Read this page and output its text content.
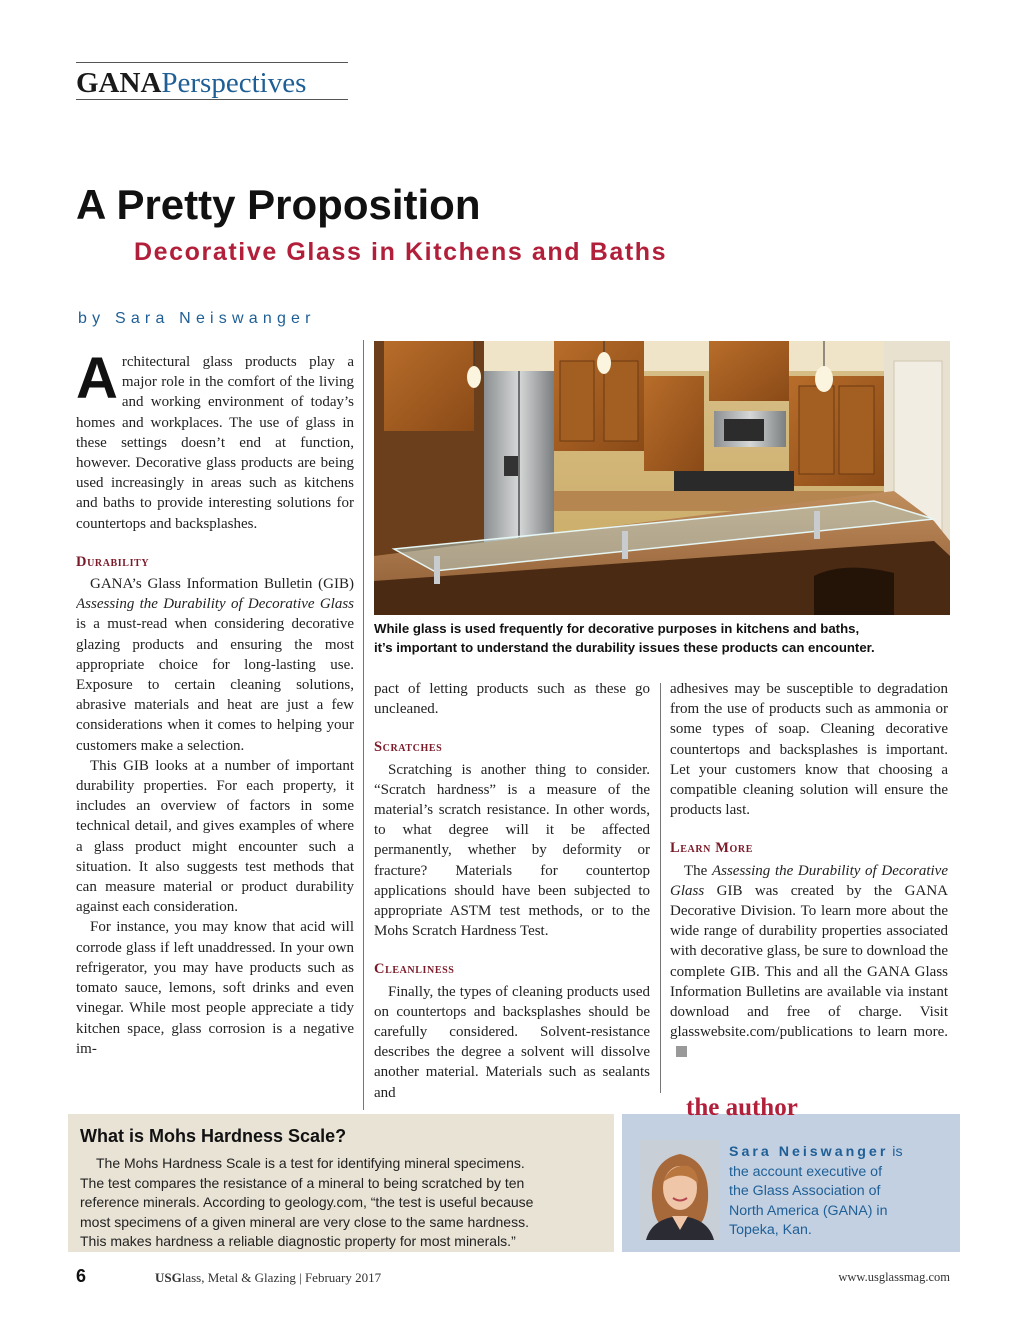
GANAPerspectives
A Pretty Proposition
Decorative Glass in Kitchens and Baths
by Sara Neiswanger

Architectural glass products play a major role in the comfort of the living and working environment of today’s homes and workplaces. The use of glass in these settings doesn’t end at function, however. Decorative glass products are being used increasingly in areas such as kitchens and baths to provide interesting solutions for countertops and backsplashes.

Durability

GANA’s Glass Information Bulletin (GIB) Assessing the Durability of Decorative Glass is a must-read when considering decorative glazing products and ensuring the most appropriate choice for long-lasting use. Exposure to certain cleaning solutions, abrasive materials and heat are just a few considerations when it comes to helping your customers make a selection.

This GIB looks at a number of important durability properties. For each property, it includes an overview of factors in some technical detail, and gives examples of where a glass product might encounter such a situation. It also suggests test methods that can measure material or product durability against each consideration.

For instance, you may know that acid will corrode glass if left unaddressed. In your own refrigerator, you may have products such as tomato sauce, lemons, soft drinks and even vinegar. While most people appreciate a tidy kitchen space, glass corrosion is a negative im-

While glass is used frequently for decorative purposes in kitchens and baths,
it’s important to understand the durability issues these products can encounter.

pact of letting products such as these go uncleaned.

Scratches

Scratching is another thing to consider. “Scratch hardness” is a measure of the material’s scratch resistance. In other words, to what degree will it be affected permanently, whether by deformity or fracture? Materials for countertop applications should have been subjected to appropriate ASTM test methods, or to the Mohs Scratch Hardness Test.

Cleanliness

Finally, the types of cleaning products used on countertops and backsplashes should be carefully considered. Solvent-resistance describes the degree a solvent will dissolve another material. Materials such as sealants and

adhesives may be susceptible to degradation from the use of products such as ammonia or some types of soap. Cleaning decorative countertops and backsplashes is important. Let your customers know that choosing a compatible cleaning solution will ensure the products last.

Learn More

The Assessing the Durability of Decorative Glass GIB was created by the GANA Decorative Division. To learn more about the wide range of durability properties associated with decorative glass, be sure to download the complete GIB. This and all the GANA Glass Information Bulletins are available via instant download and free of charge. Visit glasswebsite.com/publications to learn more.

What is Mohs Hardness Scale?
The Mohs Hardness Scale is a test for identifying mineral specimens.
The test compares the resistance of a mineral to being scratched by ten
reference minerals. According to geology.com, “the test is useful because
most specimens of a given mineral are very close to the same hardness.
This makes hardness a reliable diagnostic property for most minerals.”
the author
Sara Neiswanger is
the account executive of
the Glass Association of
North America (GANA) in
Topeka, Kan.
6	USGlass, Metal & Glazing | February 2017	www.usglassmag.com
